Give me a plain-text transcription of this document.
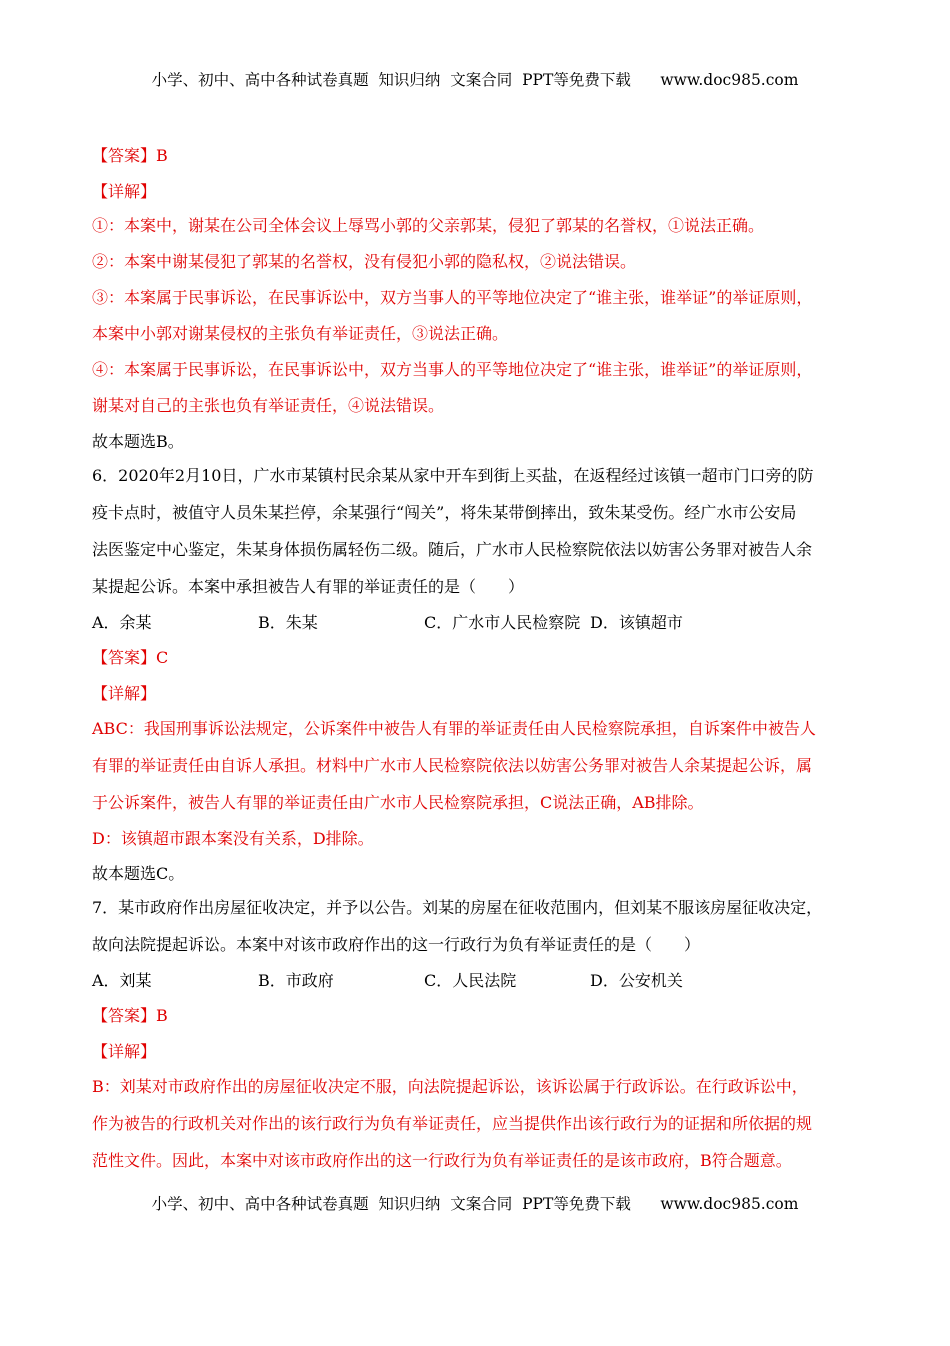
小学、初中、高中各种试卷真题  知识归纳  文案合同  PPT等免费下载 www.doc985.com
【答案】B
【详解】
①：本案中，谢某在公司全体会议上辱骂小郭的父亲郭某，侵犯了郭某的名誉权，①说法正确。
②：本案中谢某侵犯了郭某的名誉权，没有侵犯小郭的隐私权，②说法错误。
③：本案属于民事诉讼，在民事诉讼中，双方当事人的平等地位决定了“谁主张，谁举证”的举证原则，
本案中小郭对谢某侵权的主张负有举证责任，③说法正确。
④：本案属于民事诉讼，在民事诉讼中，双方当事人的平等地位决定了“谁主张，谁举证”的举证原则，
谢某对自己的主张也负有举证责任，④说法错误。
故本题选B。
6．2020年2月10日，广水市某镇村民余某从家中开车到街上买盐，在返程经过该镇一超市门口旁的防
疫卡点时，被值守人员朱某拦停，余某强行“闯关”，将朱某带倒摔出，致朱某受伤。经广水市公安局
法医鉴定中心鉴定，朱某身体损伤属轻伤二级。随后，广水市人民检察院依法以妨害公务罪对被告人余
某提起公诉。本案中承担被告人有罪的举证责任的是（　　）
A．余某	B．朱某	C．广水市人民检察院 D．该镇超市
【答案】C
【详解】
ABC：我国刑事诉讼法规定，公诉案件中被告人有罪的举证责任由人民检察院承担，自诉案件中被告人
有罪的举证责任由自诉人承担。材料中广水市人民检察院依法以妨害公务罪对被告人余某提起公诉，属
于公诉案件，被告人有罪的举证责任由广水市人民检察院承担，C说法正确，AB排除。
D：该镇超市跟本案没有关系，D排除。
故本题选C。
7．某市政府作出房屋征收决定，并予以公告。刘某的房屋在征收范围内，但刘某不服该房屋征收决定，
故向法院提起诉讼。本案中对该市政府作出的这一行政行为负有举证责任的是（　　）
A．刘某	B．市政府	C．人民法院	D．公安机关
【答案】B
【详解】
B：刘某对市政府作出的房屋征收决定不服，向法院提起诉讼，该诉讼属于行政诉讼。在行政诉讼中，
作为被告的行政机关对作出的该行政行为负有举证责任，应当提供作出该行政行为的证据和所依据的规
范性文件。因此，本案中对该市政府作出的这一行政行为负有举证责任的是该市政府，B符合题意。
小学、初中、高中各种试卷真题  知识归纳  文案合同  PPT等免费下载 www.doc985.com
